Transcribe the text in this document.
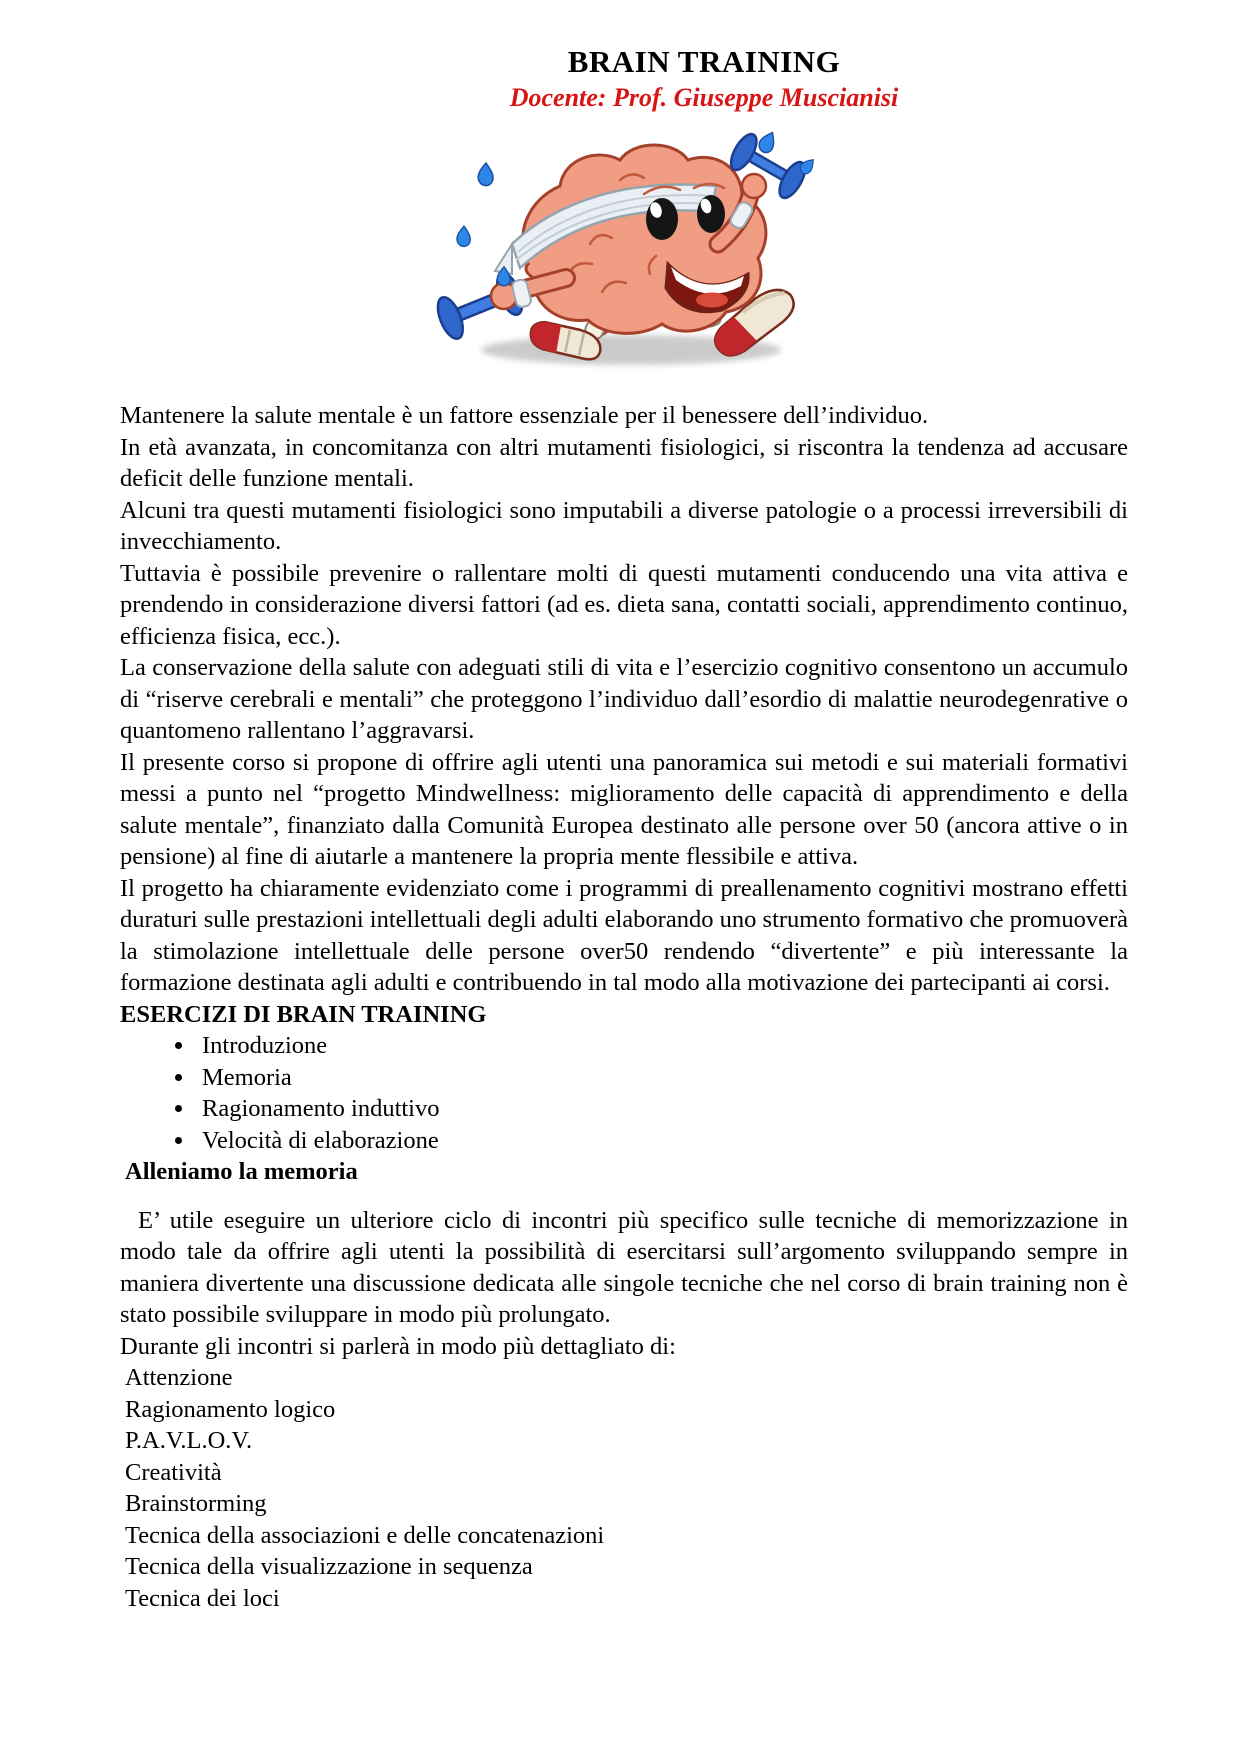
BRAIN TRAINING
Docente: Prof. Giuseppe Muscianisi

Mantenere la salute mentale è un fattore essenziale per il benessere dell’individuo.

In età avanzata, in concomitanza con altri mutamenti fisiologici, si riscontra la tendenza ad accusare deficit delle funzione mentali.

Alcuni tra questi mutamenti fisiologici sono imputabili a diverse patologie o a processi irreversibili di invecchiamento.

Tuttavia è possibile prevenire o rallentare molti di questi mutamenti conducendo una vita attiva e prendendo in considerazione diversi fattori (ad es. dieta sana, contatti sociali, apprendimento continuo, efficienza fisica, ecc.).

La conservazione della salute con adeguati stili di vita e l’esercizio cognitivo consentono un accumulo di “riserve cerebrali e mentali” che proteggono l’individuo dall’esordio di malattie neurodegenrative o quantomeno rallentano l’aggravarsi.

Il presente corso si propone di offrire agli utenti una panoramica sui metodi e sui materiali formativi messi a punto nel “progetto Mindwellness: miglioramento delle capacità di apprendimento e della salute mentale”, finanziato dalla Comunità Europea destinato alle persone over 50 (ancora attive o in pensione) al fine di aiutarle a mantenere la propria mente flessibile e attiva.

Il progetto ha chiaramente evidenziato come i programmi di preallenamento cognitivi mostrano effetti duraturi sulle prestazioni intellettuali degli adulti elaborando uno strumento formativo che promuoverà la stimolazione intellettuale delle persone over50 rendendo “divertente” e più interessante la formazione destinata agli adulti e contribuendo in tal modo alla motivazione dei partecipanti ai corsi.

ESERCIZI DI BRAIN TRAINING
• Introduzione
• Memoria
• Ragionamento induttivo
• Velocità di elaborazione
Alleniamo la memoria

E’ utile eseguire un ulteriore ciclo di incontri più specifico sulle tecniche di memorizzazione in modo tale da offrire agli utenti la possibilità di esercitarsi sull’argomento sviluppando sempre in maniera divertente una discussione dedicata alle singole tecniche che nel corso di brain training non è stato possibile sviluppare in modo più prolungato.

Durante gli incontri si parlerà in modo più dettagliato di:

Attenzione
Ragionamento logico
P.A.V.L.O.V.
Creatività
Brainstorming
Tecnica della associazioni e delle concatenazioni
Tecnica della visualizzazione in sequenza
Tecnica dei loci
